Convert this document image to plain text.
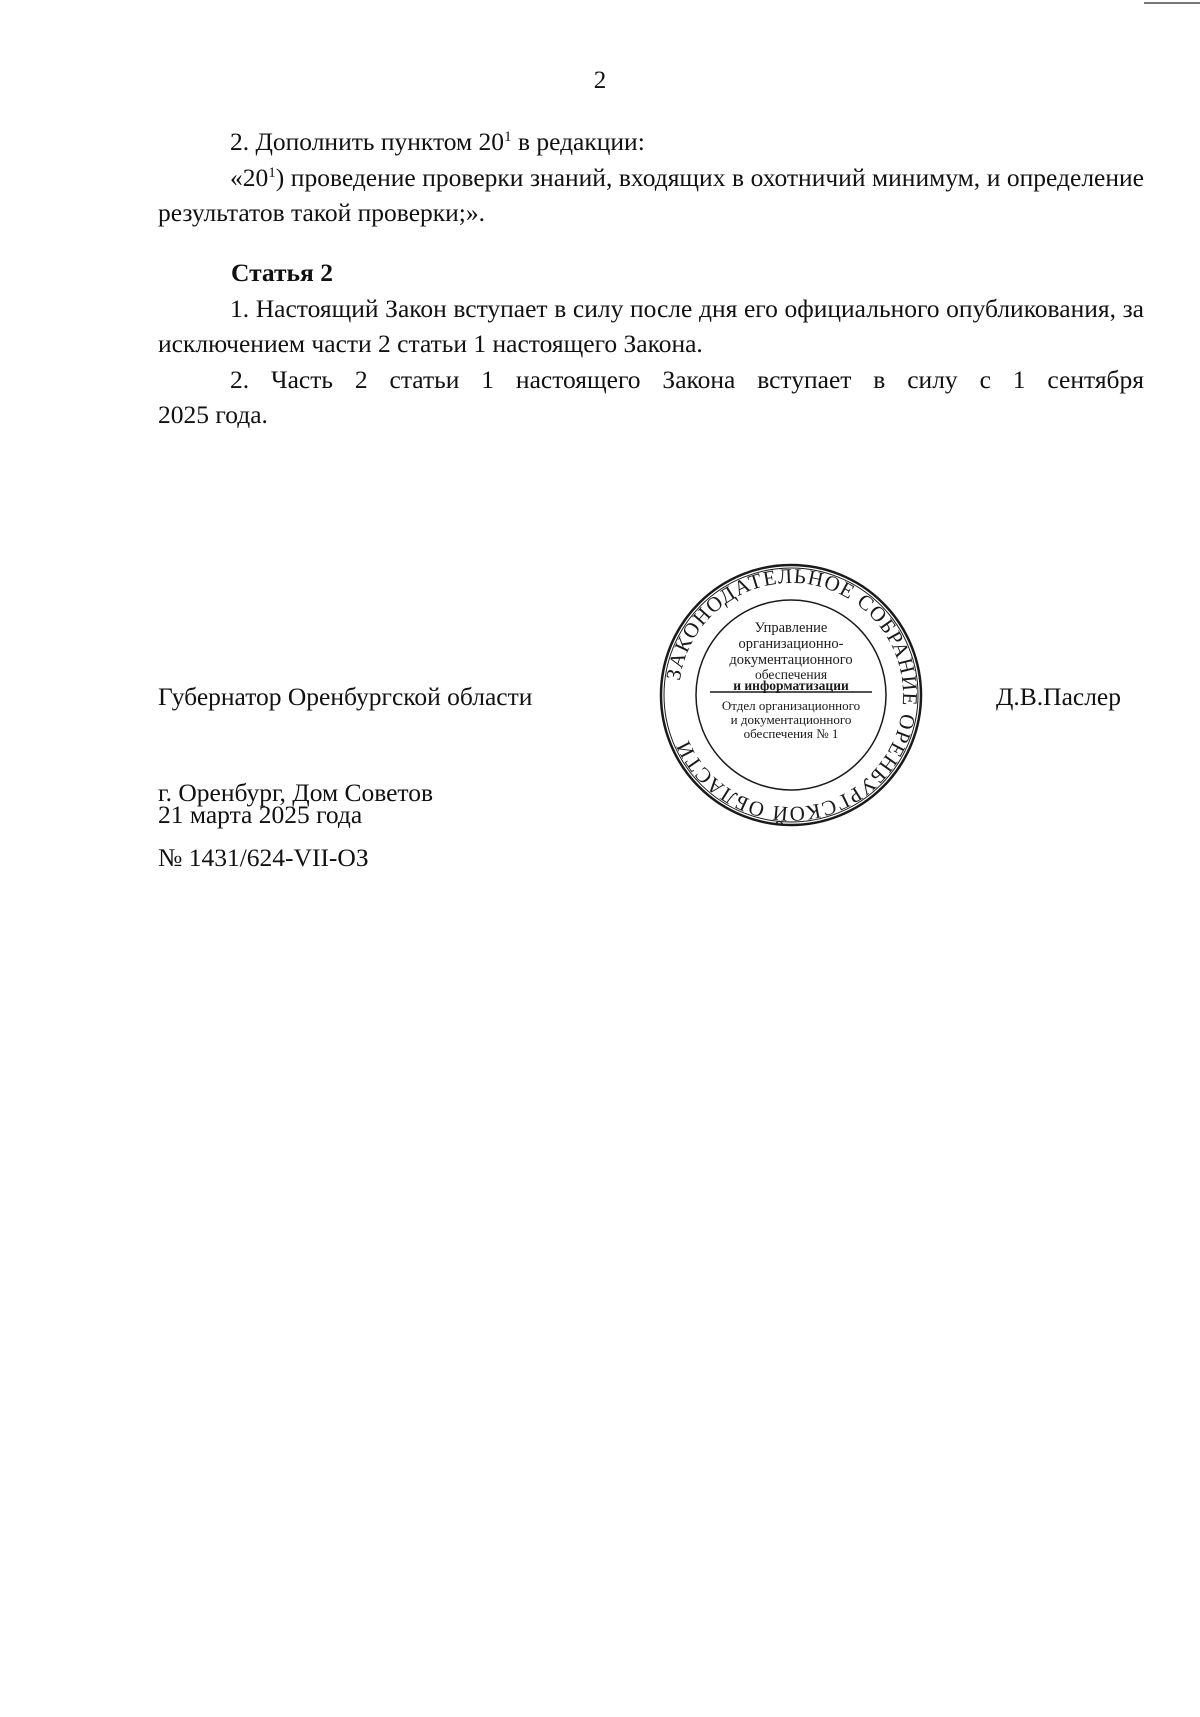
2

2. Дополнить пунктом $20^1$ в редакции:

«$20^1$) проведение проверки знаний, входящих в охотничий минимум, и определение результатов такой проверки;».

Статья 2

1. Настоящий Закон вступает в силу после дня его официального опубликования, за исключением части 2 статьи 1 настоящего Закона.

2. Часть 2 статьи 1 настоящего Закона вступает в силу с 1 сентября

2025 года.

Губернатор Оренбургской области	Д.В.Паслер
ЗАКОНОДАТЕЛЬНОЕ СОБРАНИЕ ОРЕНБУРГСКОЙ ОБЛАСТИ
Управление
организационно-
документационного
обеспечения
и информатизации
Отдел организационного
и документационного
обеспечения № 1
г. Оренбург, Дом Советов
21 марта 2025 года
№ 1431/624-VII-ОЗ
